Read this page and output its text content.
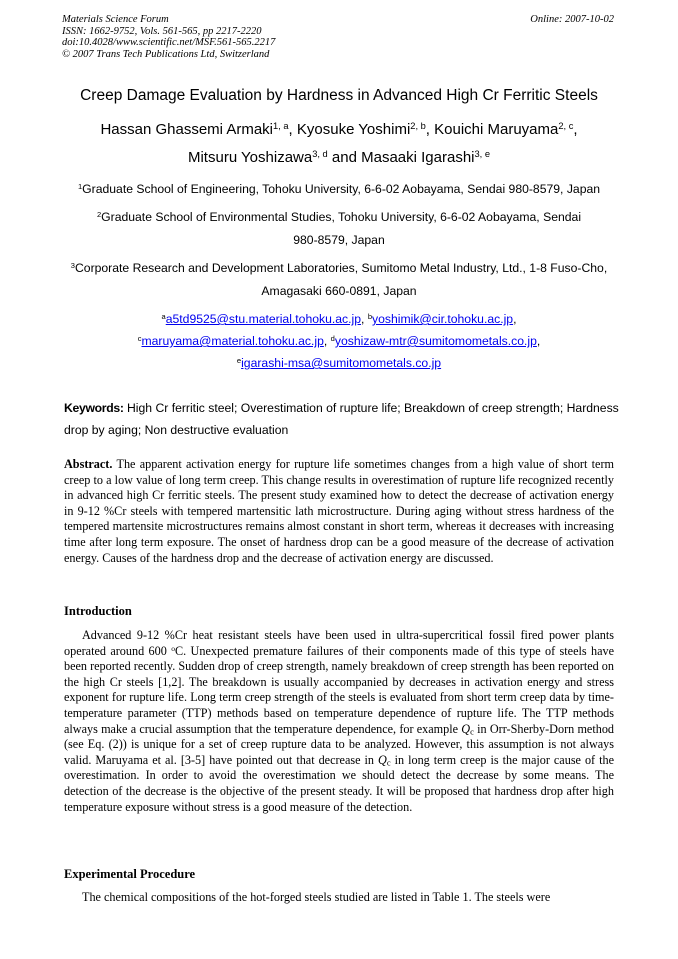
Materials Science Forum
ISSN: 1662-9752, Vols. 561-565, pp 2217-2220
doi:10.4028/www.scientific.net/MSF.561-565.2217
© 2007 Trans Tech Publications Ltd, Switzerland
Online: 2007-10-02
Creep Damage Evaluation by Hardness in Advanced High Cr Ferritic Steels
Hassan Ghassemi Armaki$^{1, a}$, Kyosuke Yoshimi$^{2, b}$, Kouichi Maruyama$^{2, c}$,
Mitsuru Yoshizawa$^{3, d}$ and Masaaki Igarashi$^{3, e}$
$^1$Graduate School of Engineering, Tohoku University, 6-6-02 Aobayama, Sendai 980-8579, Japan
$^2$Graduate School of Environmental Studies, Tohoku University, 6-6-02 Aobayama, Sendai
980-8579, Japan
$^3$Corporate Research and Development Laboratories, Sumitomo Metal Industry, Ltd., 1-8 Fuso-Cho,
Amagasaki 660-0891, Japan
$^a$a5td9525@stu.material.tohoku.ac.jp, $^b$yoshimik@cir.tohoku.ac.jp,
$^c$maruyama@material.tohoku.ac.jp, $^d$yoshizaw-mtr@sumitomometals.co.jp,
$^e$igarashi-msa@sumitomometals.co.jp
Keywords: High Cr ferritic steel; Overestimation of rupture life; Breakdown of creep strength; Hardness drop by aging; Non destructive evaluation
Abstract. The apparent activation energy for rupture life sometimes changes from a high value of short term creep to a low value of long term creep. This change results in overestimation of rupture life recognized recently in advanced high Cr ferritic steels. The present study examined how to detect the decrease of activation energy in 9-12 %Cr steels with tempered martensitic lath microstructure. During aging without stress hardness of the tempered martensite microstructures remains almost constant in short term, whereas it decreases with increasing time after long term exposure. The onset of hardness drop can be a good measure of the decrease of activation energy. Causes of the hardness drop and the decrease of activation energy are discussed.
Introduction
Advanced 9-12 %Cr heat resistant steels have been used in ultra-supercritical fossil fired power plants operated around 600 $^o$C. Unexpected premature failures of their components made of this type of steels have been reported recently. Sudden drop of creep strength, namely breakdown of creep strength has been reported on the high Cr steels [1,2]. The breakdown is usually accompanied by decreases in activation energy and stress exponent for rupture life. Long term creep strength of the steels is evaluated from short term creep data by time-temperature parameter (TTP) methods based on temperature dependence of rupture life. The TTP methods always make a crucial assumption that the temperature dependence, for example $Q_c$ in Orr-Sherby-Dorn method (see Eq. (2)) is unique for a set of creep rupture data to be analyzed. However, this assumption is not always valid. Maruyama et al. [3-5] have pointed out that decrease in $Q_c$ in long term creep is the major cause of the overestimation. In order to avoid the overestimation we should detect the decrease by some means. The detection of the decrease is the objective of the present steady. It will be proposed that hardness drop after high temperature exposure without stress is a good measure of the detection.
Experimental Procedure
The chemical compositions of the hot-forged steels studied are listed in Table 1. The steels were
